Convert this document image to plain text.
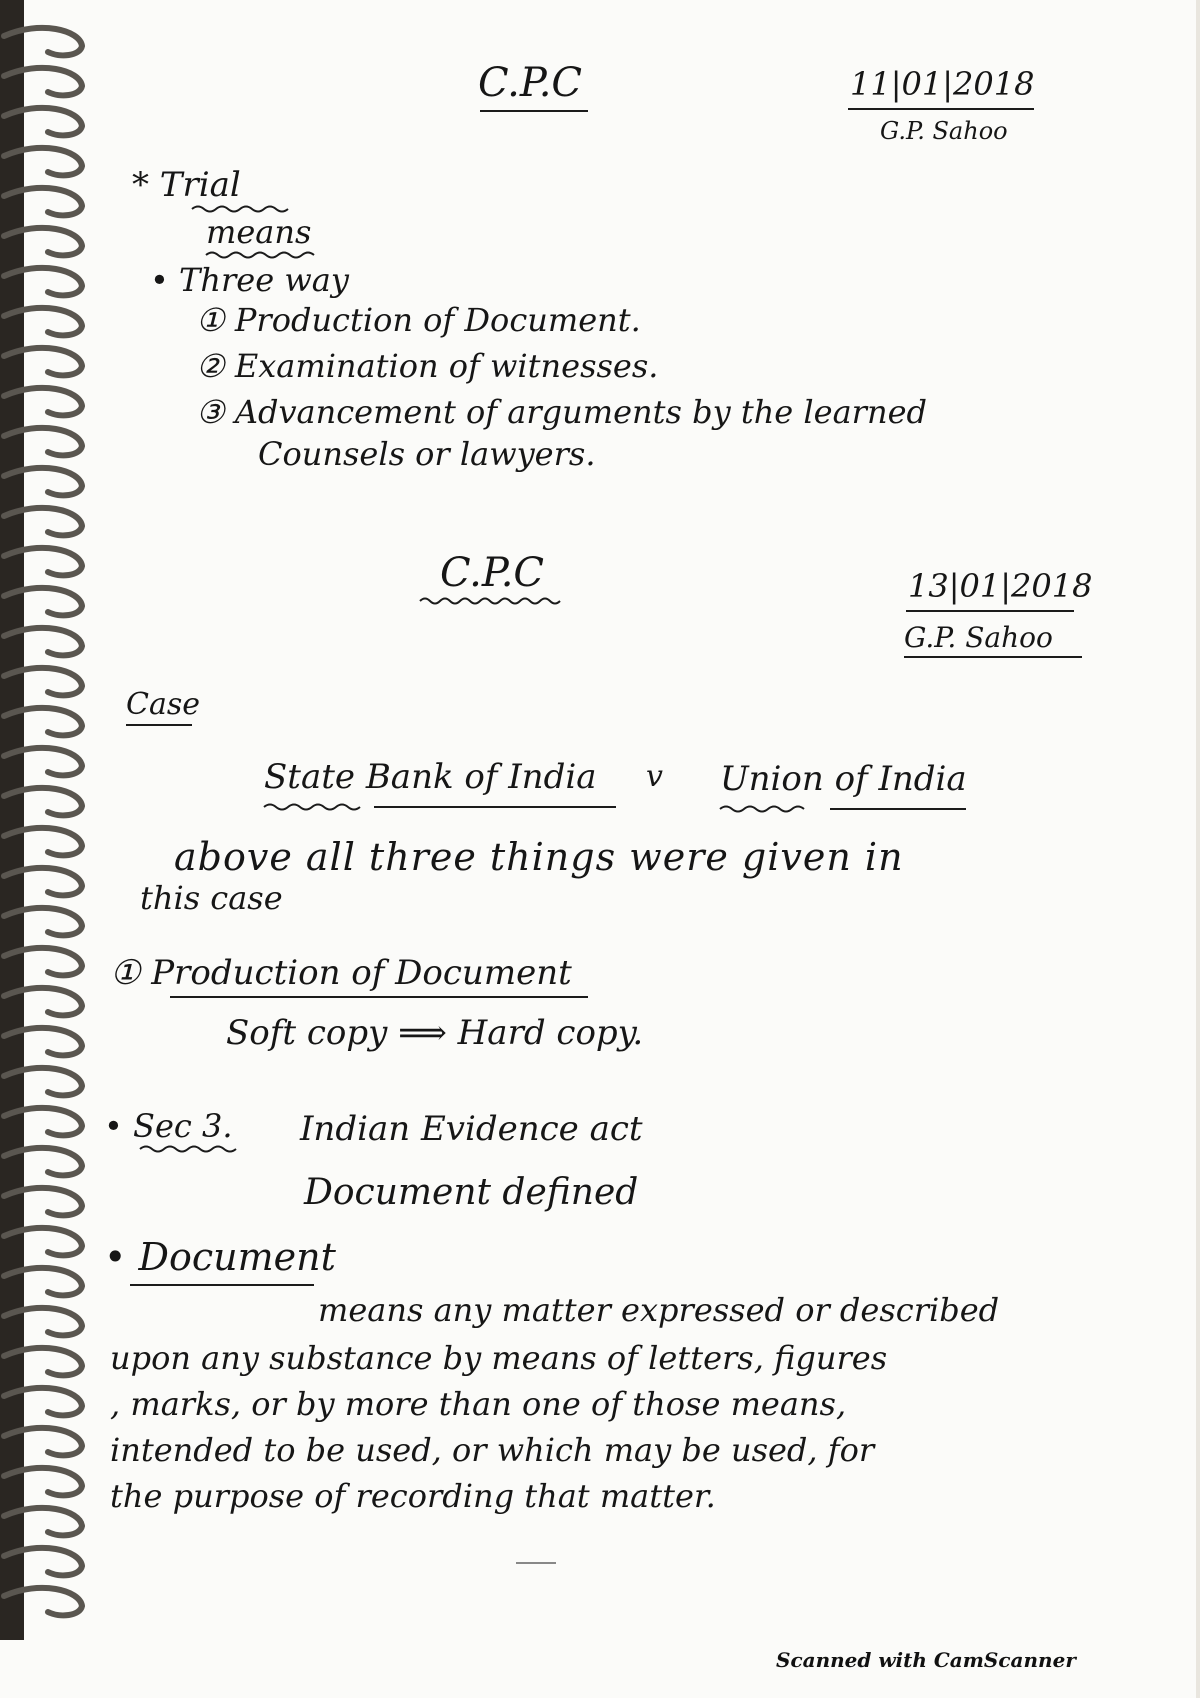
C.P.C	11|01|2018

G.P. Sahoo

* Trial

means

• Three way

① Production of Document.

② Examination of witnesses.

③ Advancement of arguments by the learned

Counsels or lawyers.

C.P.C	13|01|2018

G.P. Sahoo

Case

State Bank of India v Union of India

above all three things were given in

this case

① Production of Document

Soft copy ⟹ Hard copy.

• Sec 3. Indian Evidence act

Document defined

• Document

means any matter expressed or described

upon any substance by means of letters, figures

, marks, or by more than one of those means,

intended to be used, or which may be used, for

the purpose of recording that matter.

Scanned with CamScanner
